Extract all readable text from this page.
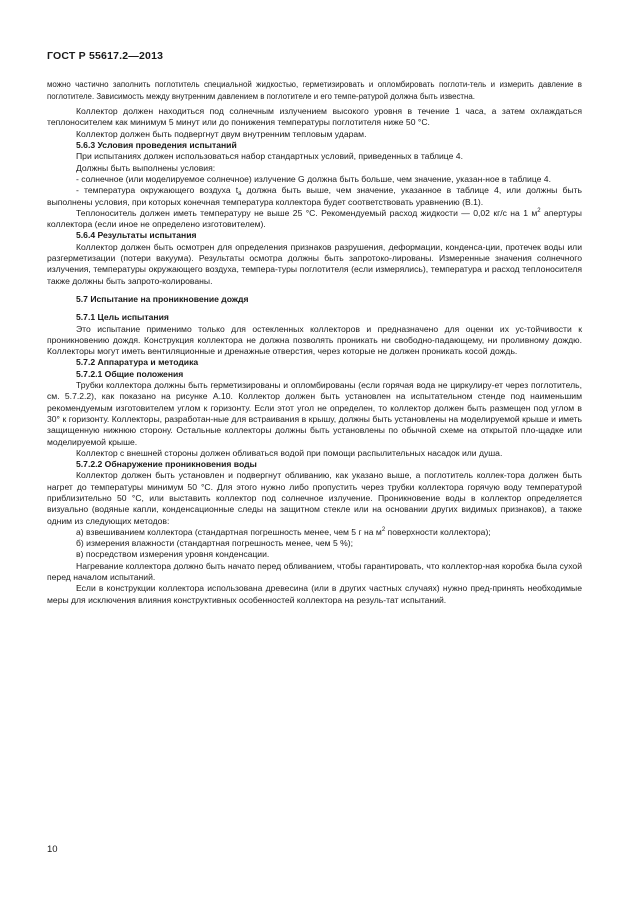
ГОСТ Р 55617.2—2013

можно частично заполнить поглотитель специальной жидкостью, герметизировать и опломбировать поглоти-тель и измерить давление в поглотителе. Зависимость между внутренним давлением в поглотителе и его темпе-ратурой должна быть известна.

Коллектор должен находиться под солнечным излучением высокого уровня в течение 1 часа, а затем охлаждаться теплоносителем как минимум 5 минут или до понижения температуры поглотителя ниже 50 °С.

Коллектор должен быть подвергнут двум внутренним тепловым ударам.

5.6.3 Условия проведения испытаний

При испытаниях должен использоваться набор стандартных условий, приведенных в таблице 4.

Должны быть выполнены условия:

- солнечное (или моделируемое солнечное) излучение G должна быть больше, чем значение, указан-ное в таблице 4.

- температура окружающего воздуха $t_a$ должна быть выше, чем значение, указанное в таблице 4, или должны быть выполнены условия, при которых конечная температура коллектора будет соответствовать уравнению (В.1).

Теплоноситель должен иметь температуру не выше 25 °С. Рекомендуемый расход жидкости — 0,02 кг/с на 1 $м^2$ апертуры коллектора (если иное не определено изготовителем).

5.6.4 Результаты испытания

Коллектор должен быть осмотрен для определения признаков разрушения, деформации, конденса-ции, протечек воды или разгерметизации (потери вакуума). Результаты осмотра должны быть запротоко-лированы. Измеренные значения солнечного излучения, температуры окружающего воздуха, темпера-туры поглотителя (если измерялись), температура и расход теплоносителя также должны быть запрото-колированы.

5.7 Испытание на проникновение дождя

5.7.1 Цель испытания

Это испытание применимо только для остекленных коллекторов и предназначено для оценки их ус-тойчивости к проникновению дождя. Конструкция коллектора не должна позволять проникать ни свободно-падающему, ни проливному дождю. Коллекторы могут иметь вентиляционные и дренажные отверстия, через которые не должен проникать косой дождь.

5.7.2 Аппаратура и методика

5.7.2.1 Общие положения

Трубки коллектора должны быть герметизированы и опломбированы (если горячая вода не циркулиру-ет через поглотитель, см. 5.7.2.2), как показано на рисунке А.10. Коллектор должен быть установлен на испытательном стенде под наименьшим рекомендуемым изготовителем углом к горизонту. Если этот угол не определен, то коллектор должен быть размещен под углом в 30° к горизонту. Коллекторы, разработан-ные для встраивания в крышу, должны быть установлены на моделируемой крыше и иметь защищенную нижнюю сторону. Остальные коллекторы должны быть установлены по обычной схеме на открытой пло-щадке или моделируемой крыше.

Коллектор с внешней стороны должен обливаться водой при помощи распылительных насадок или душа.

5.7.2.2 Обнаружение проникновения воды

Коллектор должен быть установлен и подвергнут обливанию, как указано выше, а поглотитель коллек-тора должен быть нагрет до температуры минимум 50 °С. Для этого нужно либо пропустить через трубки коллектора горячую воду температурой приблизительно 50 °С, или выставить коллектор под солнечное излучение. Проникновение воды в коллектор определяется визуально (водяные капли, конденсационные следы на защитном стекле или на основании других видимых признаков), а также одним из следующих методов:

а) взвешиванием коллектора (стандартная погрешность менее, чем 5 г на $м^2$ поверхности коллектора);

б) измерения влажности (стандартная погрешность менее, чем 5 %);

в) посредством измерения уровня конденсации.

Нагревание коллектора должно быть начато перед обливанием, чтобы гарантировать, что коллектор-ная коробка была сухой перед началом испытаний.

Если в конструкции коллектора использована древесина (или в других частных случаях) нужно пред-принять необходимые меры для исключения влияния конструктивных особенностей коллектора на резуль-тат испытаний.

10
